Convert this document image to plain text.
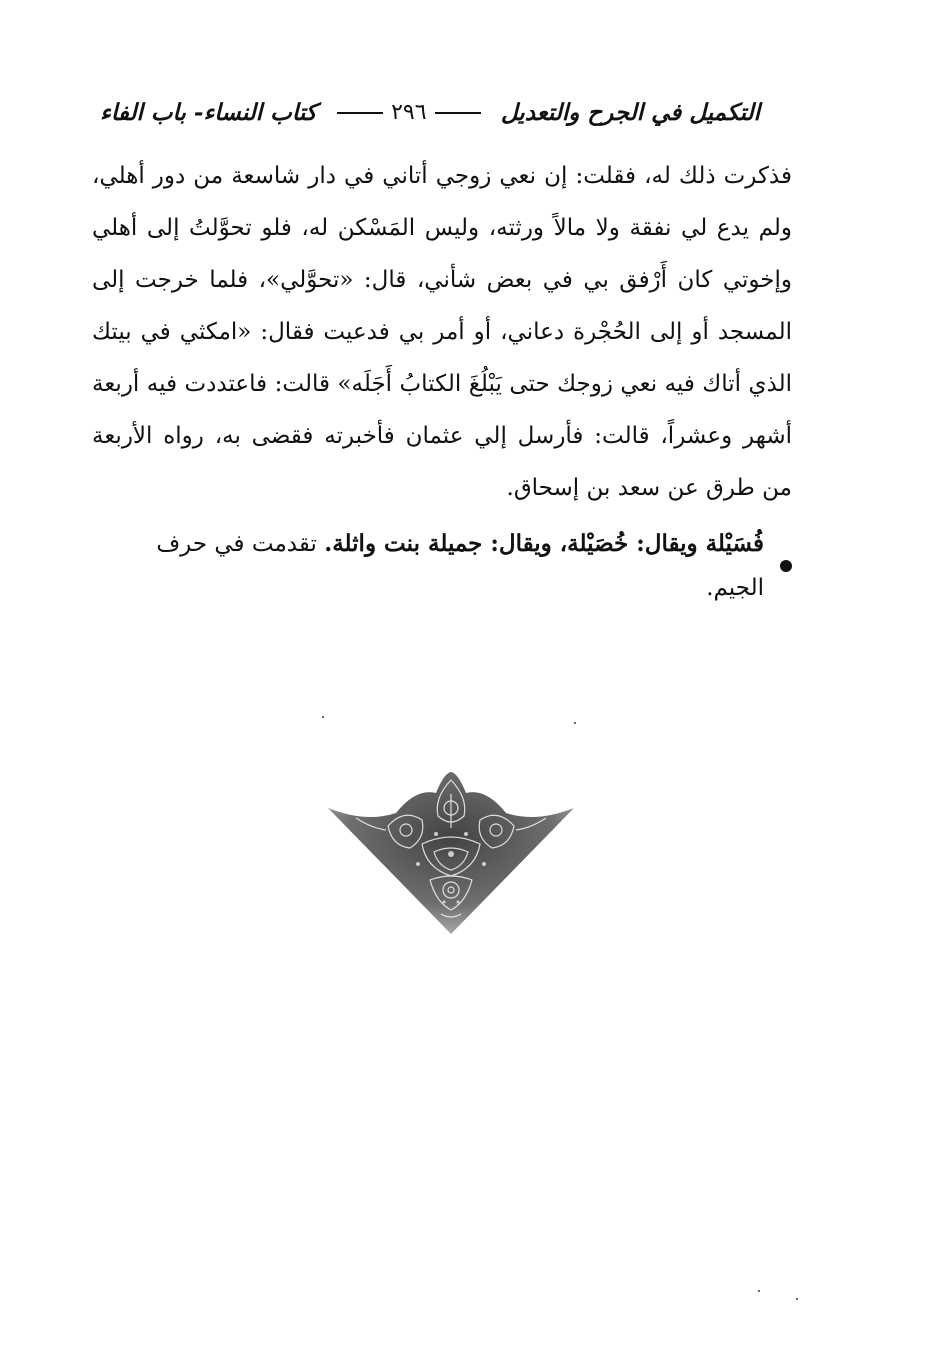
التكميل في الجرح والتعديل
٢٩٦
كتاب النساء- باب الفاء

فذكرت ذلك له، فقلت: إن نعي زوجي أتاني في دار شاسعة من دور أهلي، ولم يدع لي نفقة ولا مالاً ورثته، وليس المَسْكن له، فلو تحوَّلتُ إلى أهلي وإخوتي كان أَرْفق بي في بعض شأني، قال: «تحوَّلي»، فلما خرجت إلى المسجد أو إلى الحُجْرة دعاني، أو أمر بي فدعيت فقال: «امكثي في بيتك الذي أتاك فيه نعي زوجك حتى يَبْلُغَ الكتابُ أَجَلَه» قالت: فاعتددت فيه أربعة أشهر وعشراً، قالت: فأرسل إلي عثمان فأخبرته فقضى به، رواه الأربعة من طرق عن سعد بن إسحاق.

فُسَيْلة ويقال: خُصَيْلة، ويقال: جميلة بنت واثلة. تقدمت في حرف الجيم.
